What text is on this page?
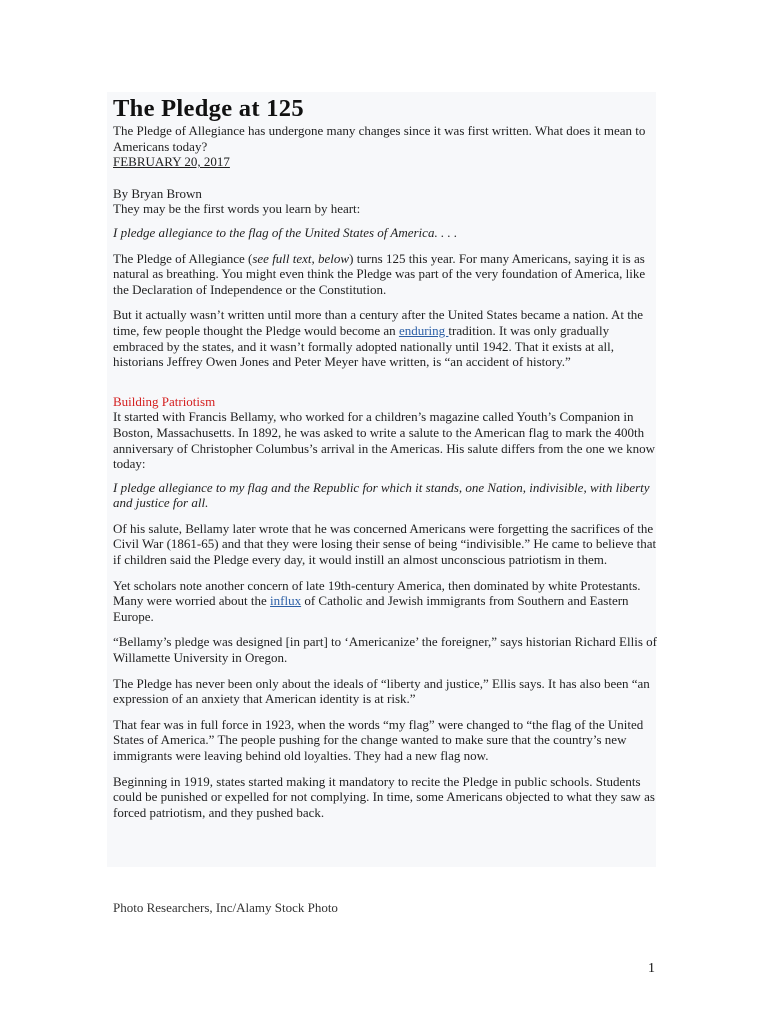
The Pledge at 125

The Pledge of Allegiance has undergone many changes since it was first written. What does it mean to Americans today?

FEBRUARY 20, 2017

By Bryan Brown

They may be the first words you learn by heart:

I pledge allegiance to the flag of the United States of America. . . .

The Pledge of Allegiance (see full text, below) turns 125 this year. For many Americans, saying it is as natural as breathing. You might even think the Pledge was part of the very foundation of America, like the Declaration of Independence or the Constitution.

But it actually wasn’t written until more than a century after the United States became a nation. At the time, few people thought the Pledge would become an enduring tradition. It was only gradually embraced by the states, and it wasn’t formally adopted nationally until 1942. That it exists at all, historians Jeffrey Owen Jones and Peter Meyer have written, is “an accident of history.”

Building Patriotism

It started with Francis Bellamy, who worked for a children’s magazine called Youth’s Companion in Boston, Massachusetts. In 1892, he was asked to write a salute to the American flag to mark the 400th anniversary of Christopher Columbus’s arrival in the Americas. His salute differs from the one we know today:

I pledge allegiance to my flag and the Republic for which it stands, one Nation, indivisible, with liberty and justice for all.

Of his salute, Bellamy later wrote that he was concerned Americans were forgetting the sacrifices of the Civil War (1861-65) and that they were losing their sense of being “indivisible.” He came to believe that if children said the Pledge every day, it would instill an almost unconscious patriotism in them.

Yet scholars note another concern of late 19th-century America, then dominated by white Protestants. Many were worried about the influx of Catholic and Jewish immigrants from Southern and Eastern Europe.

“Bellamy’s pledge was designed [in part] to ‘Americanize’ the foreigner,” says historian Richard Ellis of Willamette University in Oregon.

The Pledge has never been only about the ideals of “liberty and justice,” Ellis says. It has also been “an expression of an anxiety that American identity is at risk.”

That fear was in full force in 1923, when the words “my flag” were changed to “the flag of the United States of America.” The people pushing for the change wanted to make sure that the country’s new immigrants were leaving behind old loyalties. They had a new flag now.

Beginning in 1919, states started making it mandatory to recite the Pledge in public schools. Students could be punished or expelled for not complying. In time, some Americans objected to what they saw as forced patriotism, and they pushed back.

Photo Researchers, Inc/Alamy Stock Photo
1
